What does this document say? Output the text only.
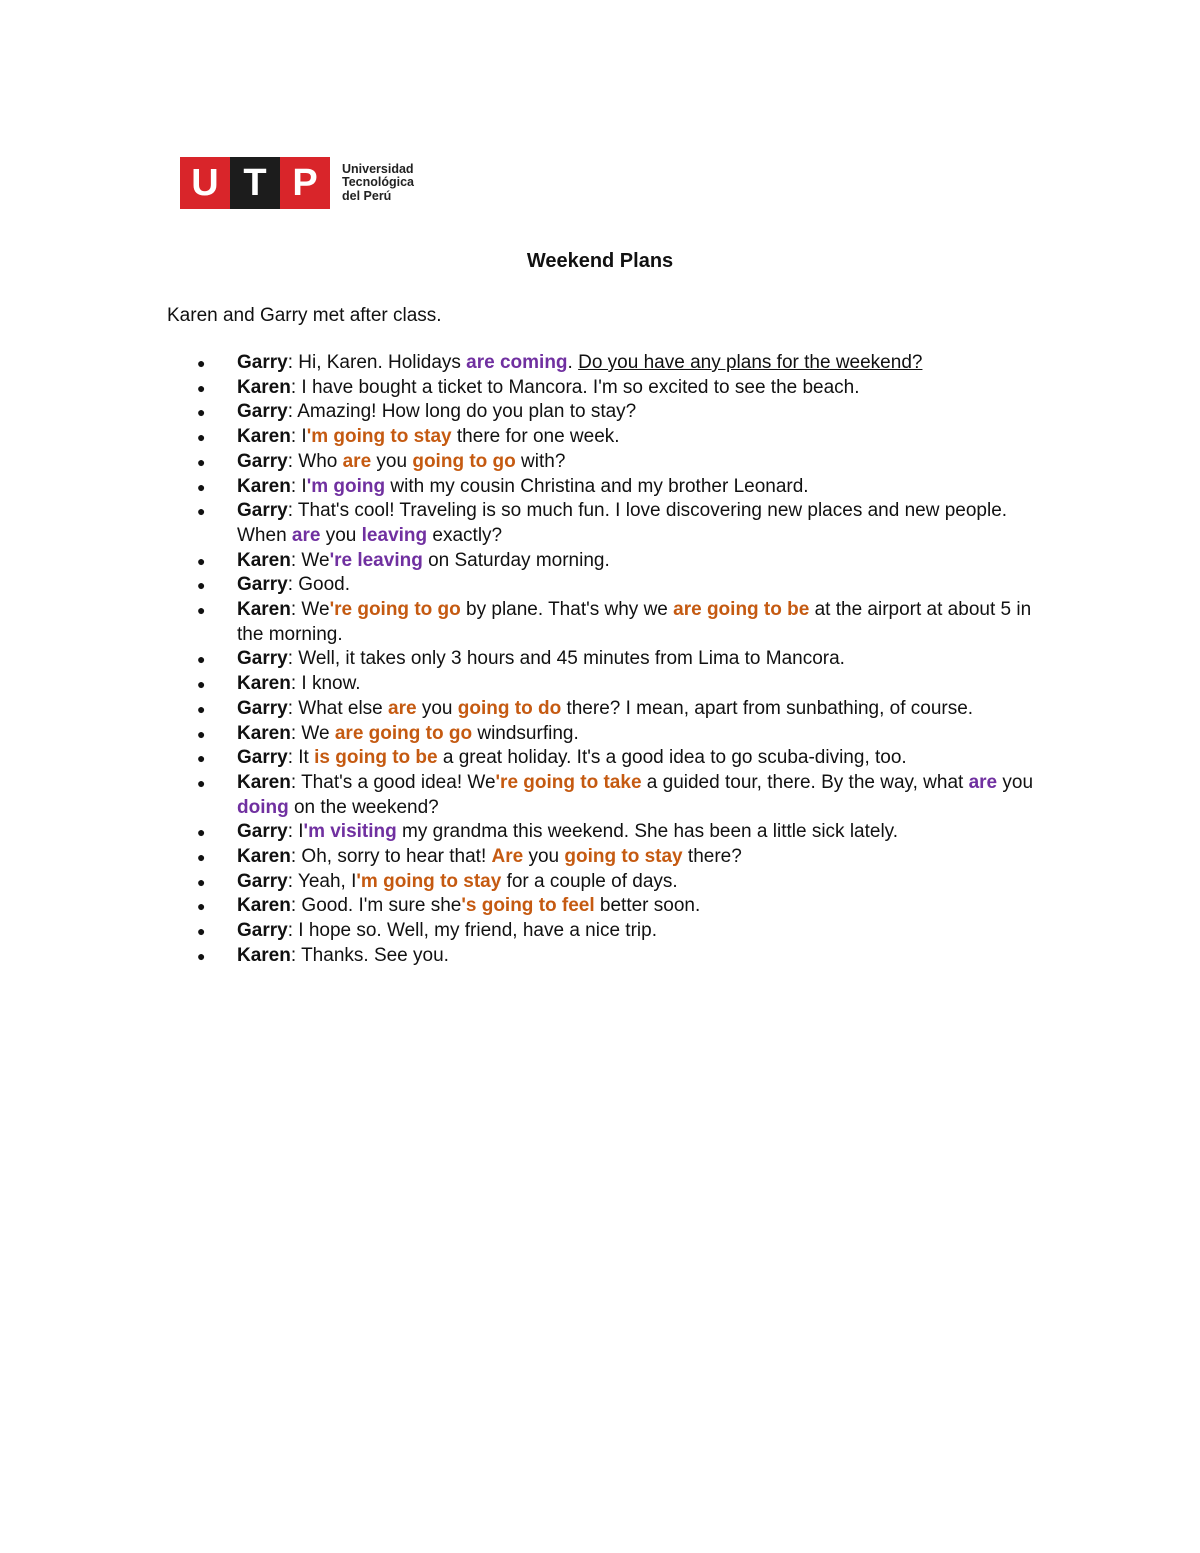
U T P	Universidad
Tecnológica
del Perú
Weekend Plans
Karen and Garry met after class.
● Garry: Hi, Karen. Holidays are coming. Do you have any plans for the weekend?
● Karen: I have bought a ticket to Mancora. I'm so excited to see the beach.
● Garry: Amazing! How long do you plan to stay?
● Karen: I'm going to stay there for one week.
● Garry: Who are you going to go with?
● Karen: I'm going with my cousin Christina and my brother Leonard.
● Garry: That's cool! Traveling is so much fun. I love discovering new places and new people. When are you leaving exactly?
● Karen: We're leaving on Saturday morning.
● Garry: Good.
● Karen: We're going to go by plane. That's why we are going to be at the airport at about 5 in the morning.
● Garry: Well, it takes only 3 hours and 45 minutes from Lima to Mancora.
● Karen: I know.
● Garry: What else are you going to do there? I mean, apart from sunbathing, of course.
● Karen: We are going to go windsurfing.
● Garry: It is going to be a great holiday. It's a good idea to go scuba-diving, too.
● Karen: That's a good idea! We're going to take a guided tour, there. By the way, what are you doing on the weekend?
● Garry: I'm visiting my grandma this weekend. She has been a little sick lately.
● Karen: Oh, sorry to hear that! Are you going to stay there?
● Garry: Yeah, I'm going to stay for a couple of days.
● Karen: Good. I'm sure she's going to feel better soon.
● Garry: I hope so. Well, my friend, have a nice trip.
● Karen: Thanks. See you.
